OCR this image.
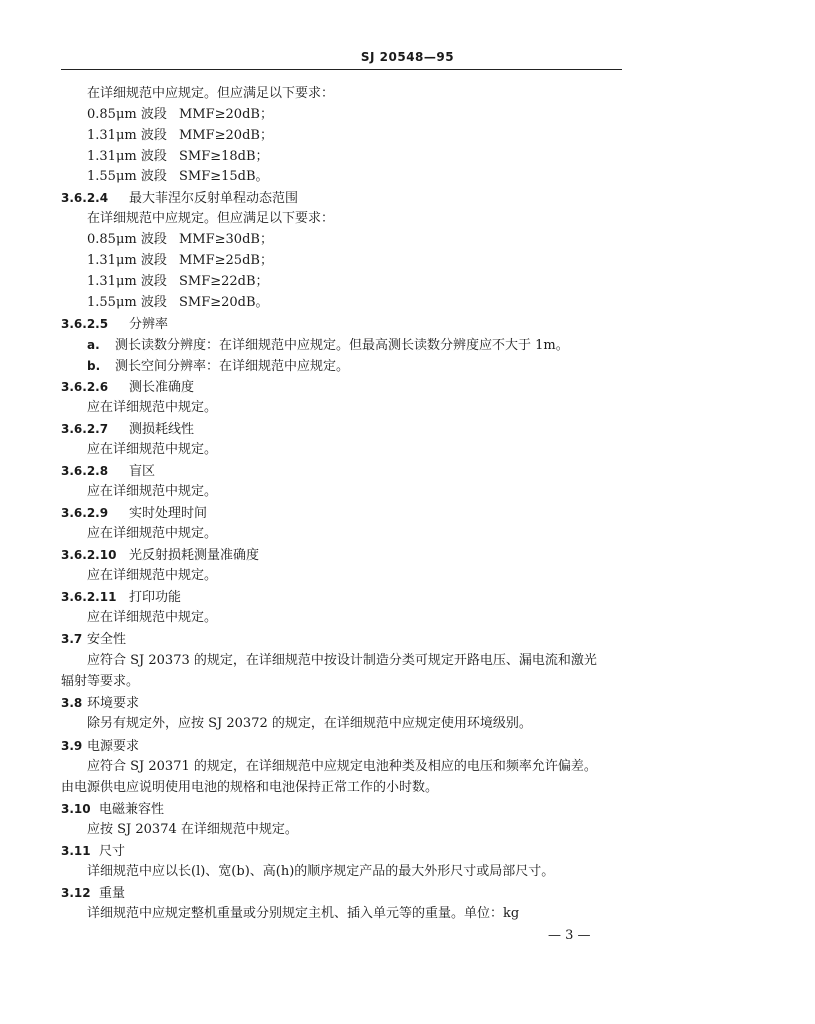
SJ 20548—95
在详细规范中应规定。但应满足以下要求：
0.85μm 波段 MMF≥20dB；
1.31μm 波段 MMF≥20dB；
1.31μm 波段 SMF≥18dB；
1.55μm 波段 SMF≥15dB。
3.6.2.4 最大菲涅尔反射单程动态范围
在详细规范中应规定。但应满足以下要求：
0.85μm 波段 MMF≥30dB；
1.31μm 波段 MMF≥25dB；
1.31μm 波段 SMF≥22dB；
1.55μm 波段 SMF≥20dB。
3.6.2.5 分辨率
a. 测长读数分辨度：在详细规范中应规定。但最高测长读数分辨度应不大于 1m。
b. 测长空间分辨率：在详细规范中应规定。
3.6.2.6 测长准确度
应在详细规范中规定。
3.6.2.7 测损耗线性
应在详细规范中规定。
3.6.2.8 盲区
应在详细规范中规定。
3.6.2.9 实时处理时间
应在详细规范中规定。
3.6.2.10 光反射损耗测量准确度
应在详细规范中规定。
3.6.2.11 打印功能
应在详细规范中规定。
3.7 安全性
应符合 SJ 20373 的规定，在详细规范中按设计制造分类可规定开路电压、漏电流和激光
辐射等要求。
3.8 环境要求
除另有规定外，应按 SJ 20372 的规定，在详细规范中应规定使用环境级别。
3.9 电源要求
应符合 SJ 20371 的规定，在详细规范中应规定电池种类及相应的电压和频率允许偏差。
由电源供电应说明使用电池的规格和电池保持正常工作的小时数。
3.10 电磁兼容性
应按 SJ 20374 在详细规范中规定。
3.11 尺寸
详细规范中应以长(l)、宽(b)、高(h)的顺序规定产品的最大外形尺寸或局部尺寸。
3.12 重量
详细规范中应规定整机重量或分别规定主机、插入单元等的重量。单位：kg
— 3 —
